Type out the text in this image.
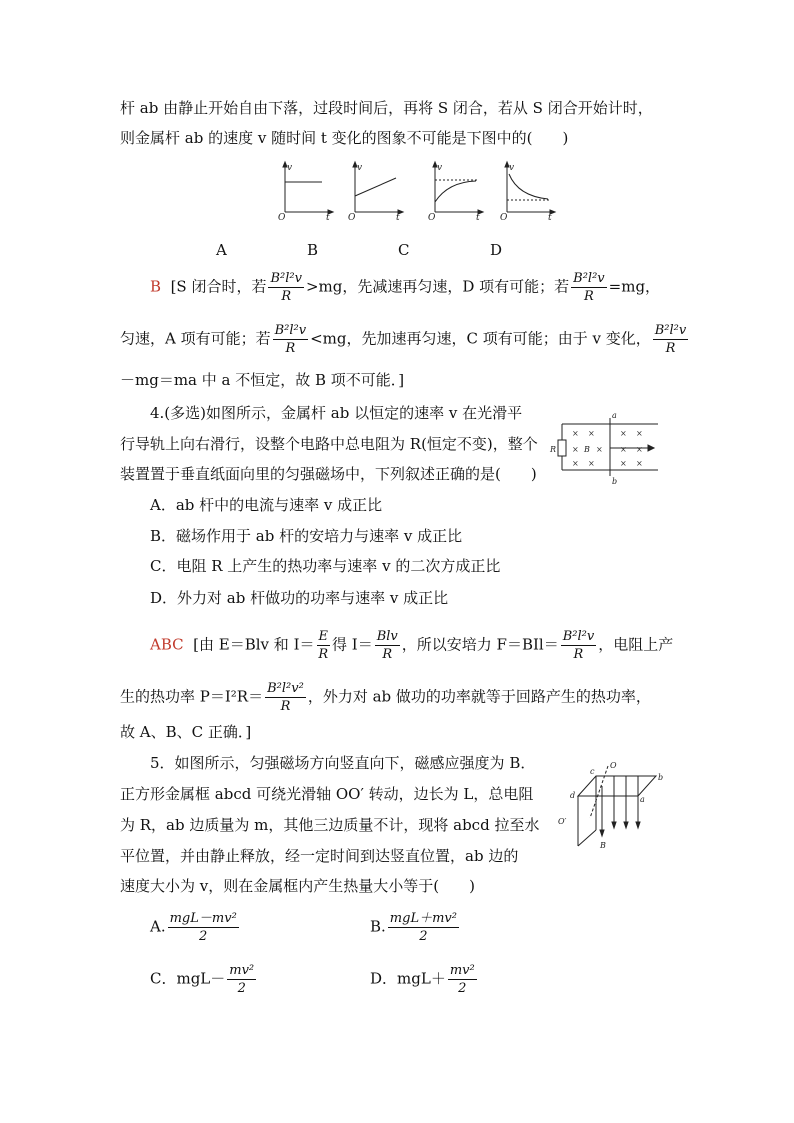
杆 ab 由静止开始自由下落，过段时间后，再将 S 闭合，若从 S 闭合开始计时，
则金属杆 ab 的速度 v 随时间 t 变化的图象不可能是下图中的(　　)
v
O	t
v
O	t
v
O	t
v
O	t
A	B	C	D
B [S 闭合时，若 $\frac{\text{B²l²v}}{R} >mg$，先减速再匀速，D 项有可能；若 $\frac{\text{B²l²v}}{R} =mg$，
匀速，A 项有可能；若 $\frac{\text{B²l²v}}{R} <mg$，先加速再匀速，C 项有可能；由于 v 变化， $\frac{\text{B²l²v}}{R}$
－mg＝ma 中 a 不恒定，故 B 项不可能．]
4.(多选)如图所示，金属杆 ab 以恒定的速率 v 在光滑平
行导轨上向右滑行，设整个电路中总电阻为 R(恒定不变)，整个
装置置于垂直纸面向里的匀强磁场中，下列叙述正确的是(　　)
× ×	× ×
× × × ×
× ×	× ×
a
b
R	B
A．ab 杆中的电流与速率 v 成正比
B．磁场作用于 ab 杆的安培力与速率 v 成正比
C．电阻 R 上产生的热功率与速率 v 的二次方成正比
D．外力对 ab 杆做功的功率与速率 v 成正比
ABC [由 E＝Blv 和 $I= \frac{E}{R}$ 得 $I= \frac{\text{Blv}}{R}$ ，所以安培力 $F=BIl= \frac{\text{B²l²v}}{R}$ ，电阻上产
生的热功率 $P=I^2R= \frac{\text{B²l²v²}}{R}$ ，外力对 ab 做功的功率就等于回路产生的热功率，
故 A、B、C 正确．]
5．如图所示，匀强磁场方向竖直向下，磁感应强度为 B．
正方形金属框 abcd 可绕光滑轴 OO′ 转动，边长为 L，总电阻
为 R，ab 边质量为 m，其他三边质量不计，现将 abcd 拉至水
平位置，并由静止释放，经一定时间到达竖直位置，ab 边的
速度大小为 v，则在金属框内产生热量大小等于(　　)
O
O′
a
b
c
d
B
A. $\frac{\text{mgL－mv²}}{2}$	B. $\frac{\text{mgL＋mv²}}{2}$
C．$mgL- \frac{\text{mv²}}{2}$	D．$mgL+ \frac{\text{mv²}}{2}$
